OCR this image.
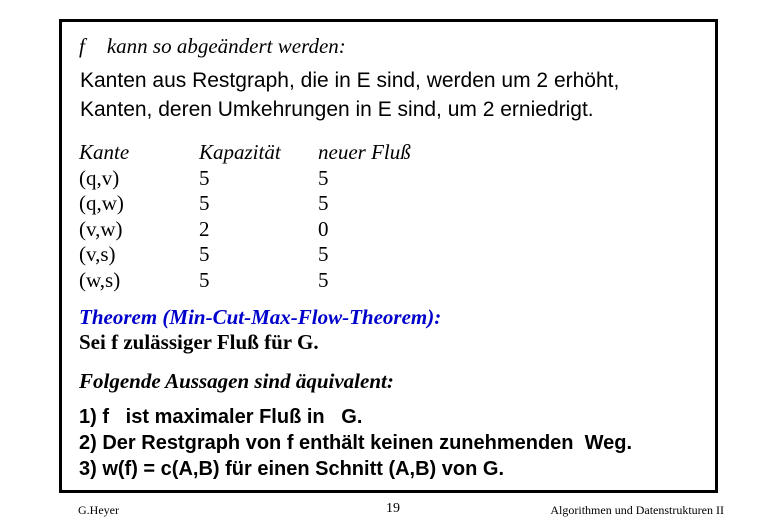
f kann so abgeändert werden:
Kanten aus Restgraph, die in E sind, werden um 2 erhöht,
Kanten, deren Umkehrungen in E sind, um 2 erniedrigt.
Kante
(q,v)
(q,w)
(v,w)
(v,s)
(w,s)
Kapazität
5
5
2
5
5
neuer Fluß
5
5
0
5
5
Theorem (Min-Cut-Max-Flow-Theorem):
Sei f zulässiger Fluß für G.
Folgende Aussagen sind äquivalent:
1) f   ist maximaler Fluß in   G.
2) Der Restgraph von f enthält keinen zunehmenden  Weg.
3) w(f) = c(A,B) für einen Schnitt (A,B) von G.
G.Heyer	19	Algorithmen und Datenstrukturen II
